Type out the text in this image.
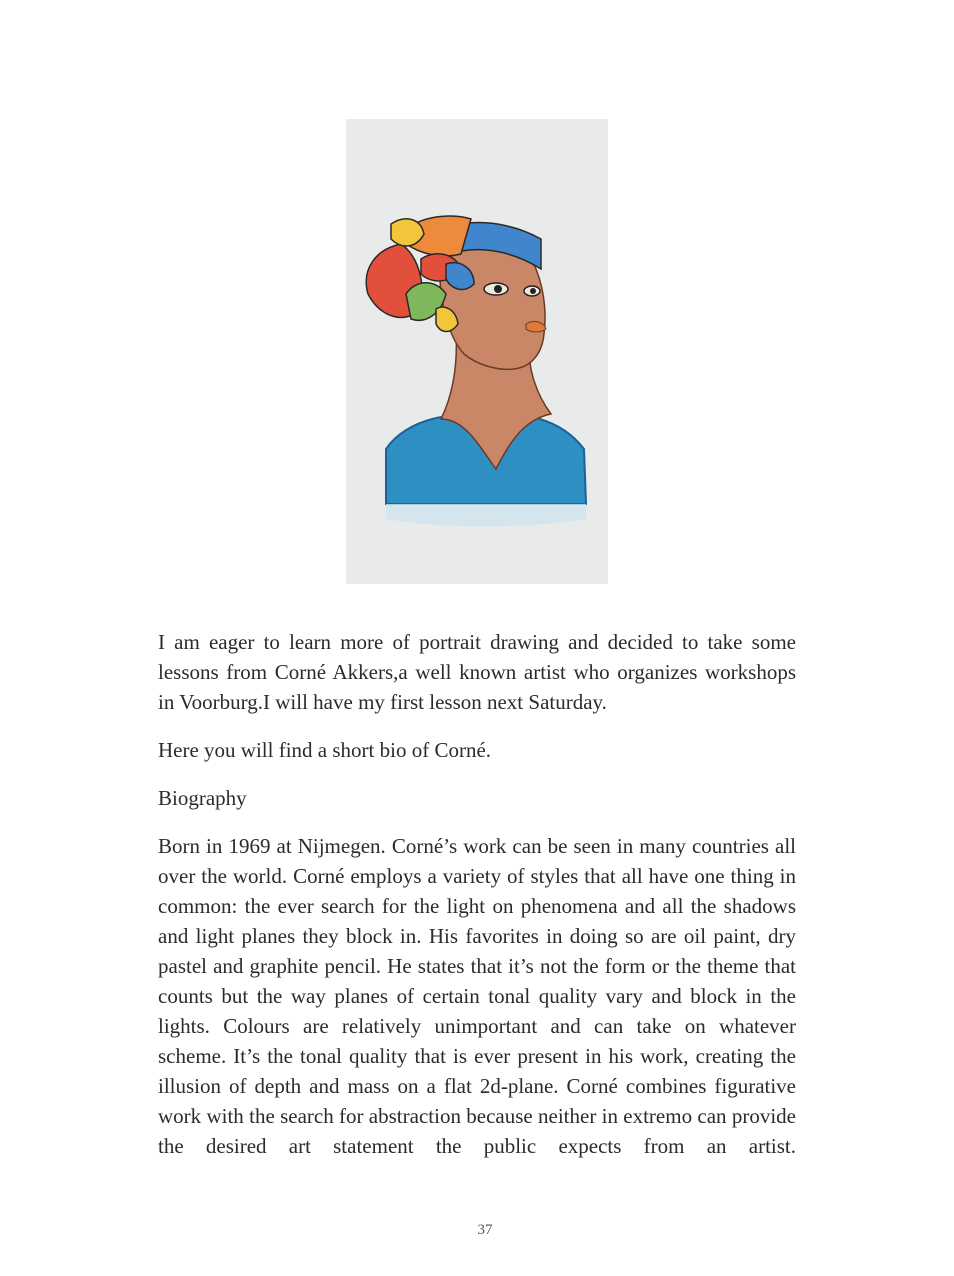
I am eager to learn more of portrait drawing and decided to take some lessons from Corné Akkers,a well known artist who organizes workshops in Voorburg.I will have my first lesson next Saturday.

Here you will find a short bio of Corné.

Biography

Born in 1969 at Nijmegen. Corné’s work can be seen in many countries all over the world. Corné employs a variety of styles that all have one thing in common: the ever search for the light on phenomena and all the shadows and light planes they block in. His favorites in doing so are oil paint, dry pastel and graphite pencil. He states that it’s not the form or the theme that counts but the way planes of certain tonal quality vary and block in the lights. Colours are relatively unimportant and can take on whatever scheme. It’s the tonal quality that is ever present in his work, creating the illusion of depth and mass on a flat 2d-plane. Corné combines figurative work with the search for abstraction because neither in extremo can provide the desired art statement the public expects from an artist.

37
